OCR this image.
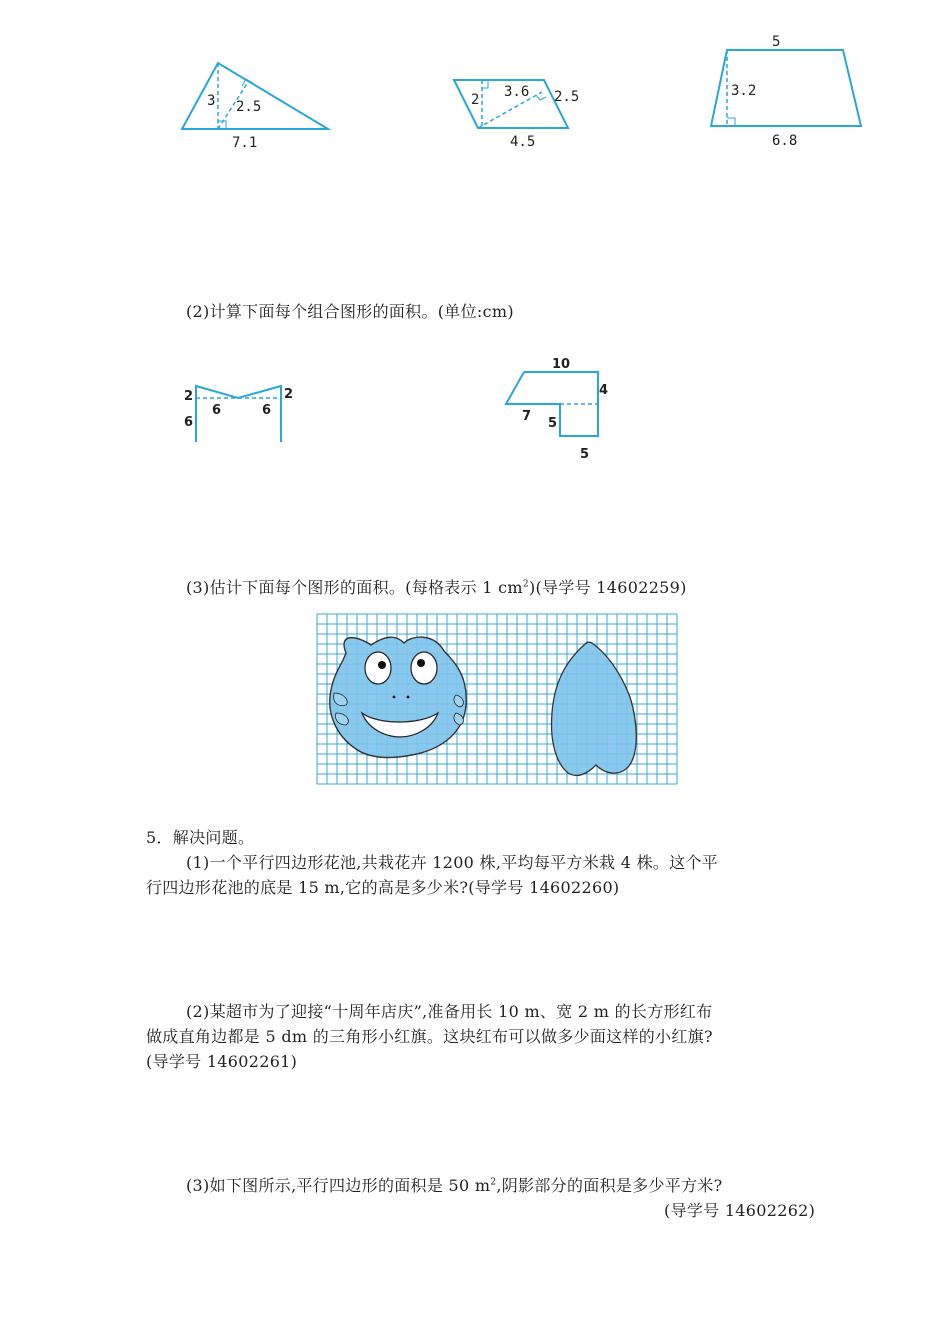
3 2.5
7.1
2 3.6 2.5
4.5
5
3.2
6.8
(2)计算下面每个组合图形的面积。(单位:cm)
2	2
6	6
6
10
4
7 5
5
(3)估计下面每个图形的面积。(每格表示 1 $cm^2$)(导学号 14602259)
5．解决问题。
(1)一个平行四边形花池,共栽花卉 1200 株,平均每平方米栽 4 株。这个平
行四边形花池的底是 15 m,它的高是多少米?(导学号 14602260)
(2)某超市为了迎接“十周年店庆”,准备用长 10 m、宽 2 m 的长方形红布
做成直角边都是 5 dm 的三角形小红旗。这块红布可以做多少面这样的小红旗?
(导学号 14602261)
(3)如下图所示,平行四边形的面积是 50 $m^2$,阴影部分的面积是多少平方米?
(导学号 14602262)
